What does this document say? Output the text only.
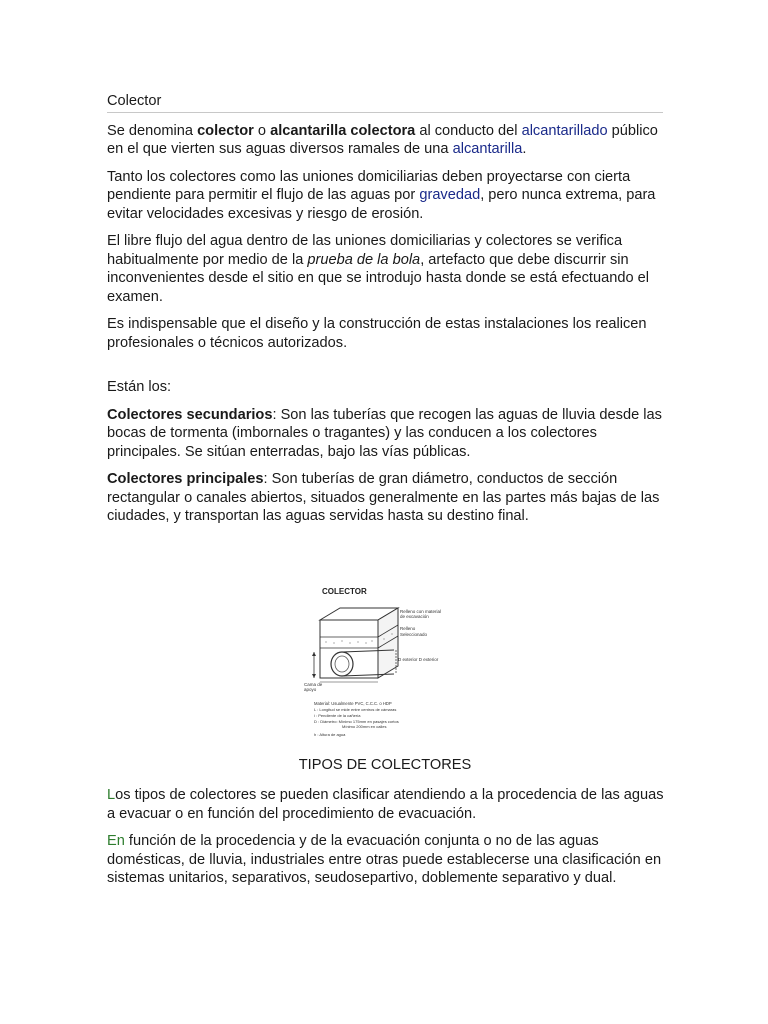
Colector

Se denomina colector o alcantarilla colectora al conducto del alcantarillado público en el que vierten sus aguas diversos ramales de una alcantarilla.

Tanto los colectores como las uniones domiciliarias deben proyectarse con cierta pendiente para permitir el flujo de las aguas por gravedad, pero nunca extrema, para evitar velocidades excesivas y riesgo de erosión.

El libre flujo del agua dentro de las uniones domiciliarias y colectores se verifica habitualmente por medio de la prueba de la bola, artefacto que debe discurrir sin inconvenientes desde el sitio en que se introdujo hasta donde se está efectuando el examen.

Es indispensable que el diseño y la construcción de estas instalaciones los realicen profesionales o técnicos autorizados.

Están los:

Colectores secundarios: Son las tuberías que recogen las aguas de lluvia desde las bocas de tormenta (imbornales o tragantes) y las conducen a los colectores principales. Se sitúan enterradas, bajo las vías públicas.

Colectores principales: Son tuberías de gran diámetro, conductos de sección rectangular o canales abiertos, situados generalmente en las partes más bajas de las ciudades, y transportan las aguas servidas hasta su destino final.

COLECTOR
Relleno con material
de excavación
Relleno
Seleccionado
D exterior D exterior
Cama de
apoyo
Material: Usualmente PVC, C.C.C. o HDP
L : Longitud se mide entre centros de cámaras
i : Pendiente de la cañería
D : Diámetro: Mínimo 175mm en pasajes cortos
Mínimo 200mm en calles
h : Altura de agua
TIPOS DE COLECTORES

Los tipos de colectores se pueden clasificar atendiendo a la procedencia de las aguas a evacuar o en función del procedimiento de evacuación.

En función de la procedencia y de la evacuación conjunta o no de las aguas domésticas, de lluvia, industriales entre otras puede establecerse una clasificación en sistemas unitarios, separativos, seudosepartivo, doblemente separativo y dual.
